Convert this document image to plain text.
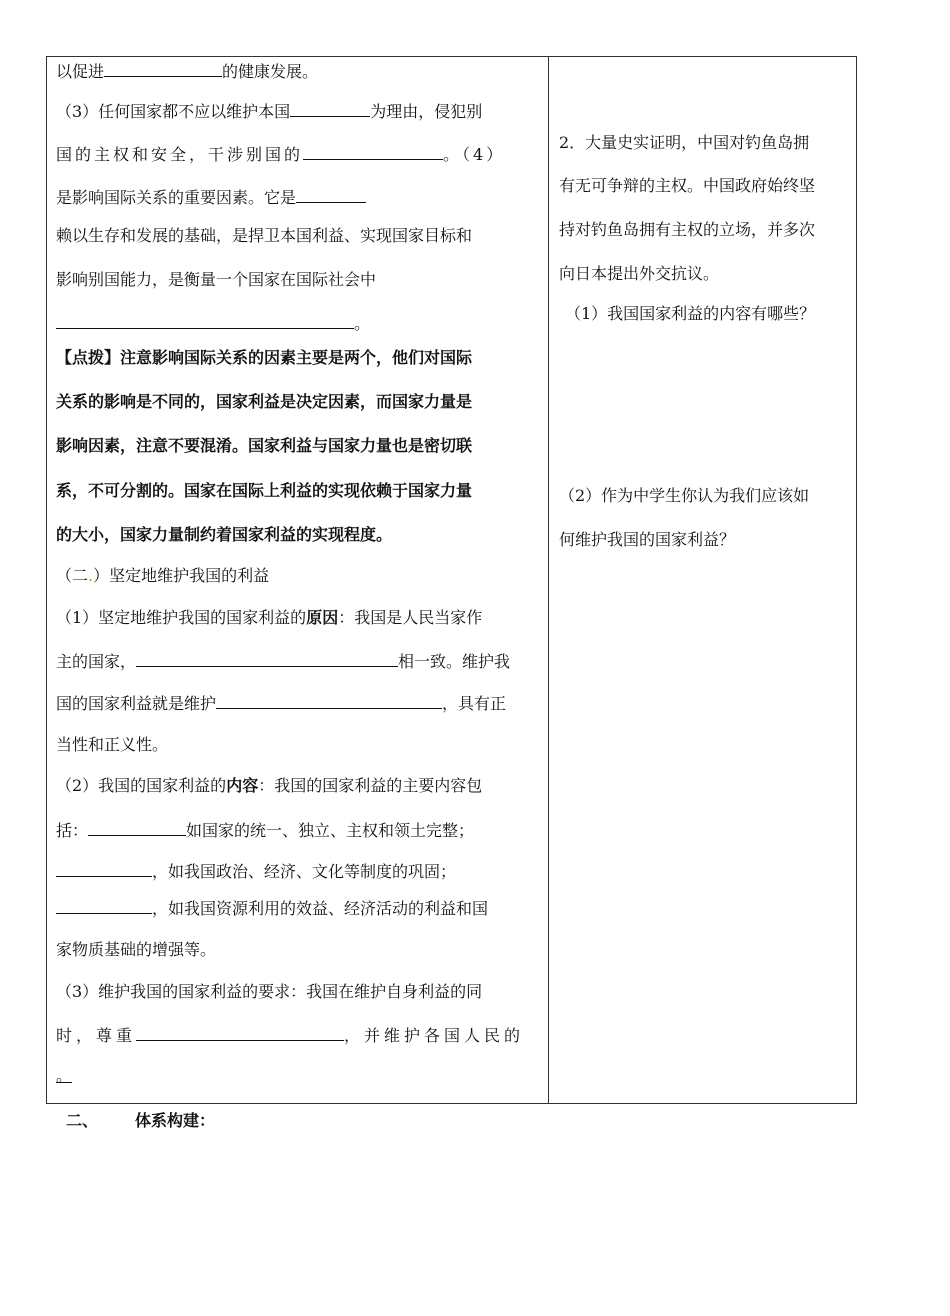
以促进	的健康发展。
（3）任何国家都不应以维护本国	为理由，侵犯别
国的主权和安全，干涉别国的	。（4）
是影响国际关系的重要因素。它是
赖以生存和发展的基础，是捍卫本国利益、实现国家目标和
影响别国能力，是衡量一个国家在国际社会中
。
【点拨】注意影响国际关系的因素主要是两个，他们对国际
关系的影响是不同的，国家利益是决定因素，而国家力量是
影响因素，注意不要混淆。国家利益与国家力量也是密切联
系，不可分割的。国家在国际上利益的实现依赖于国家力量
的大小，国家力量制约着国家利益的实现程度。
（二.）坚定地维护我国的利益
（1）坚定地维护我国的国家利益的原因：我国是人民当家作
主的国家，	相一致。维护我
国的国家利益就是维护	，具有正
当性和正义性。
（2）我国的国家利益的内容：我国的国家利益的主要内容包
括：	如国家的统一、独立、主权和领土完整；
，如我国政治、经济、文化等制度的巩固；
，如我国资源利用的效益、经济活动的利益和国
家物质基础的增强等。
（3）维护我国的国家利益的要求：我国在维护自身利益的同
时，尊重	，并维护各国人民的
。
2．大量史实证明，中国对钓鱼岛拥
有无可争辩的主权。中国政府始终坚
持对钓鱼岛拥有主权的立场，并多次
向日本提出外交抗议。
（1）我国国家利益的内容有哪些？
（2）作为中学生你认为我们应该如
何维护我国的国家利益？
二、 体系构建：
